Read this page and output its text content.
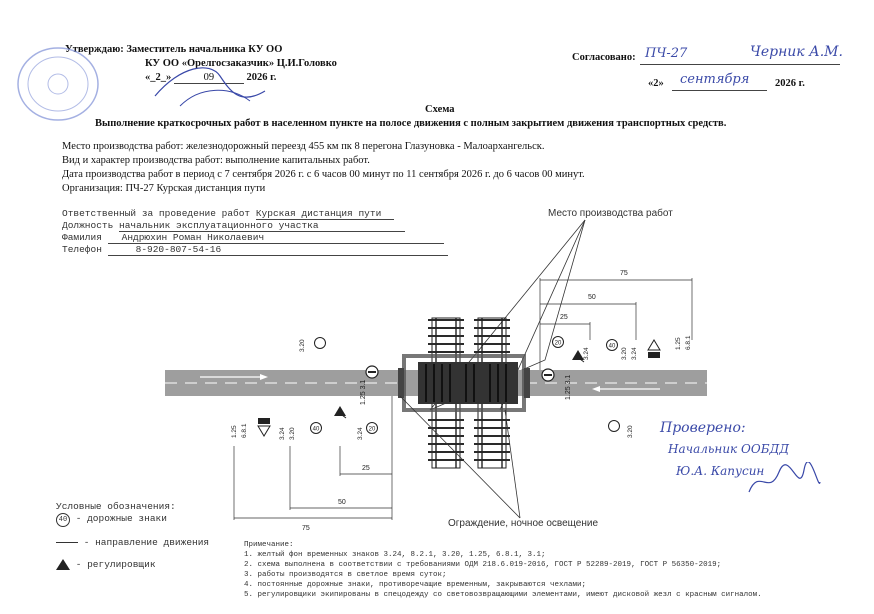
Утверждаю: Заместитель начальника КУ ОО
КУ ОО «Орелгосзаказчик» Ц.И.Головко
«_2_»	09	2026 г.
Согласовано: ПЧ-27	Черник А.М.
«2» сентября 2026 г.
Схема
Выполнение краткосрочных работ в населенном пункте на полосе движения с полным закрытием движения транспортных средств.
Место производства работ: железнодорожный переезд 455 км пк 8 перегона Глазуновка - Малоархангельск.
Вид и характер производства работ: выполнение капитальных работ.
Дата производства работ в период с 7 сентября 2026 г. с 6 часов 00 минут по 11 сентября 2026 г. до 6 часов 00 минут.
Организация: ПЧ-27 Курская дистанция пути
Ответственный за проведение работ Курская дистанция пути
Должность начальник эксплуатационного участка
Фамилия Андрюхин Роман Николаевич
Телефон	8-920-807-54-16
Место производства работ
Ограждение, ночное освещение
1.25 3.1	1.25 3.1
20
3.24
40
3.20 3.24
1.25 6.8.1
3.20
1.25 6.8.1	3.24 3.20	40	3.24 20	3.20
75
50
25
75
50
25
Проверено:
Начальник ООБДД
Ю.А. Капусин
Условные обозначения:
40 - дорожные знаки
- направление движения
- регулировщик
Примечание:
1. желтый фон временных знаков 3.24, 8.2.1, 3.20, 1.25, 6.8.1, 3.1;
2. схема выполнена в соответствии с требованиями ОДМ 218.6.019-2016, ГОСТ Р 52289-2019, ГОСТ Р 56350-2019;
3. работы производятся в светлое время суток;
4. постоянные дорожные знаки, противоречащие временным, закрываются чехлами;
5. регулировщики экипированы в спецодежду со световозвращающими элементами, имеют дисковой жезл с красным сигналом.
